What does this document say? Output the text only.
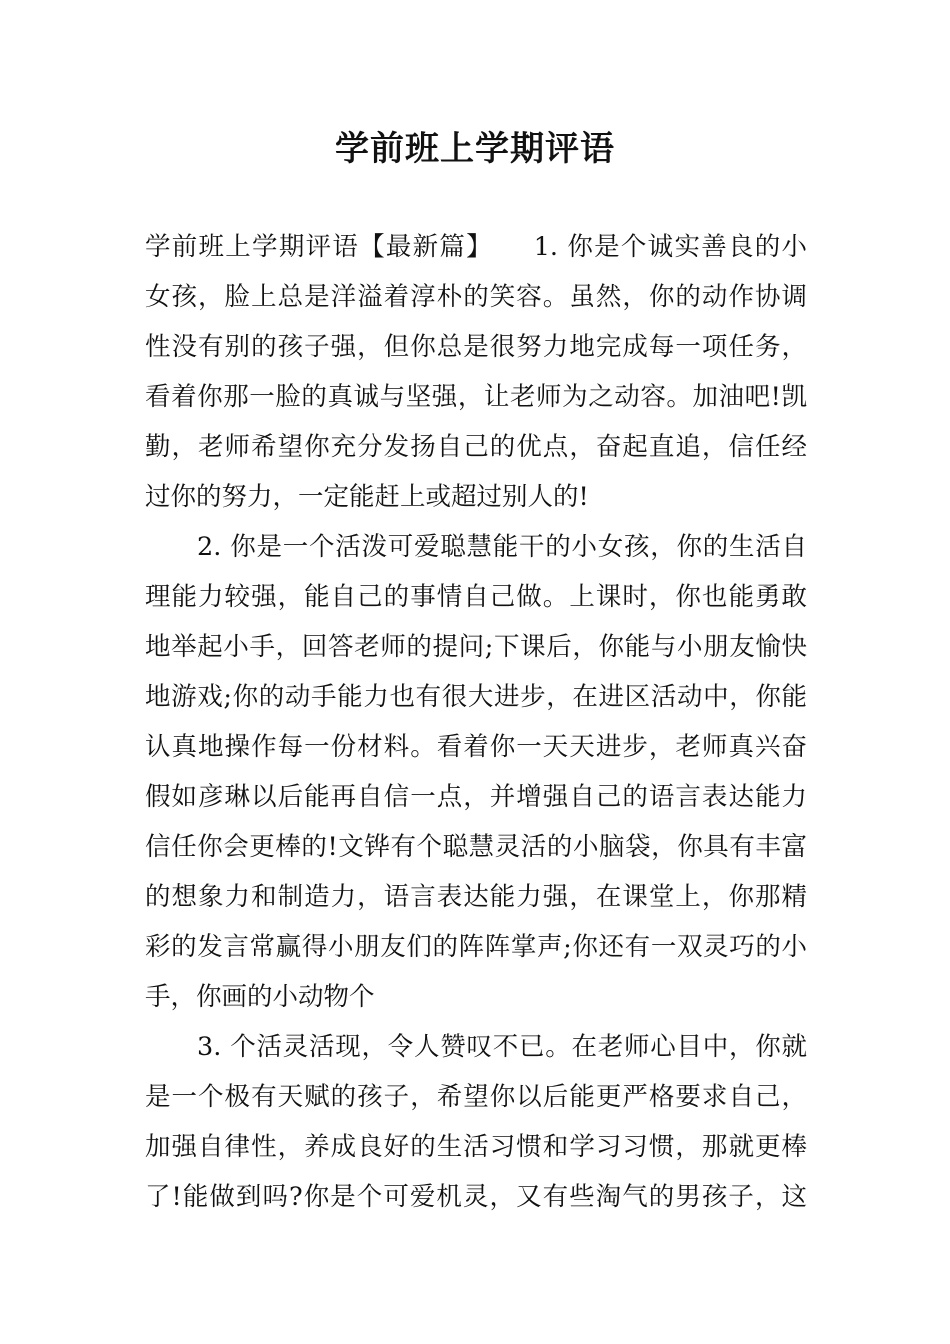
学前班上学期评语
学前班上学期评语【最新篇】　　1. 你是个诚实善良的小
女孩，脸上总是洋溢着淳朴的笑容。虽然，你的动作协调
性没有别的孩子强，但你总是很努力地完成每一项任务，
看着你那一脸的真诚与坚强，让老师为之动容。加油吧!凯
勤，老师希望你充分发扬自己的优点，奋起直追，信任经
过你的努力，一定能赶上或超过别人的!
2. 你是一个活泼可爱聪慧能干的小女孩，你的生活自
理能力较强，能自己的事情自己做。上课时，你也能勇敢
地举起小手，回答老师的提问;下课后，你能与小朋友愉快
地游戏;你的动手能力也有很大进步，在进区活动中，你能
认真地操作每一份材料。看着你一天天进步，老师真兴奋
假如彦琳以后能再自信一点，并增强自己的语言表达能力
信任你会更棒的!文铧有个聪慧灵活的小脑袋，你具有丰富
的想象力和制造力，语言表达能力强，在课堂上，你那精
彩的发言常赢得小朋友们的阵阵掌声;你还有一双灵巧的小
手，你画的小动物个
3. 个活灵活现，令人赞叹不已。在老师心目中，你就
是一个极有天赋的孩子，希望你以后能更严格要求自己，
加强自律性，养成良好的生活习惯和学习习惯，那就更棒
了!能做到吗?你是个可爱机灵，又有些淘气的男孩子，这
